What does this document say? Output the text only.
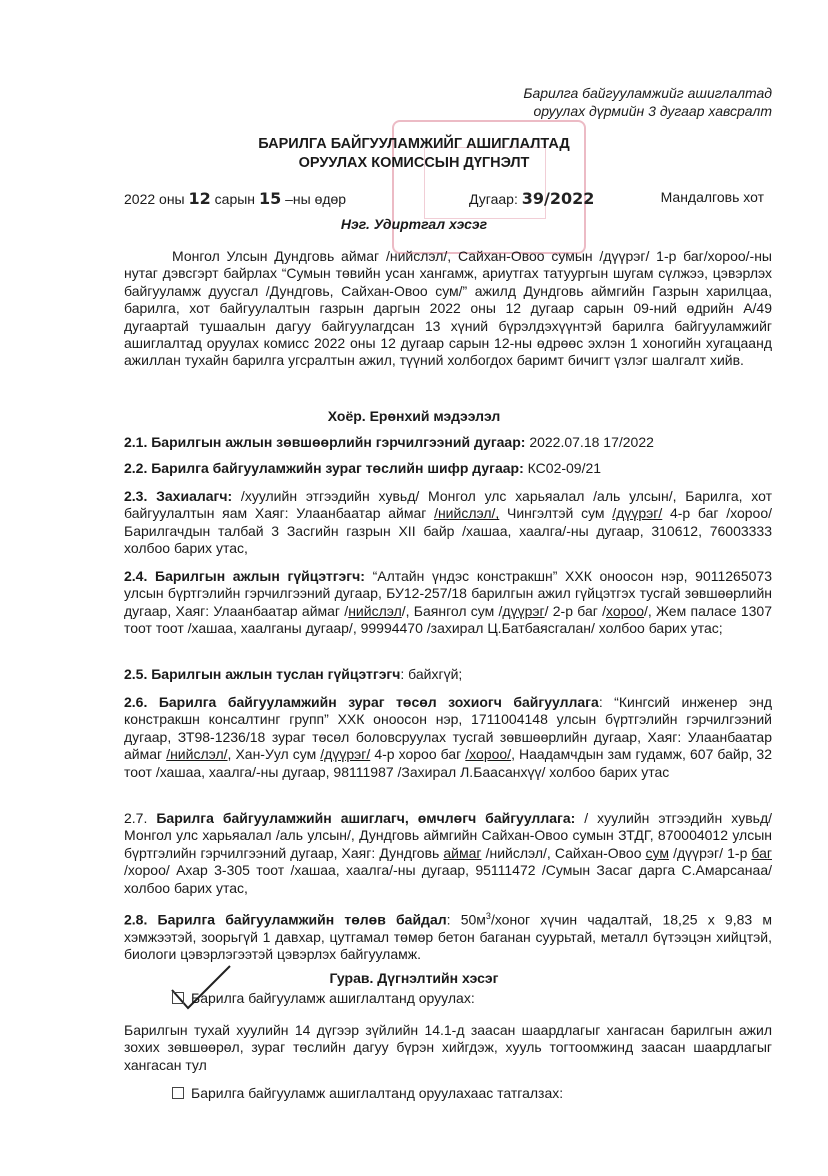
Барилга байгууламжийг ашиглалтад
оруулах дүрмийн 3 дугаар хавсралт
БАРИЛГА БАЙГУУЛАМЖИЙГ АШИГЛАЛТАД
ОРУУЛАХ КОМИССЫН ДҮГНЭЛТ
2022 оны 12 сарын 15 –ны өдөр	Дугаар: 39/2022	Мандалговь хот
Нэг. Удиртгал хэсэг
Монгол Улсын Дундговь аймаг /нийслэл/, Сайхан-Овоо сумын /дүүрэг/ 1-р баг/хороо/-ны нутаг дэвсгэрт байрлах “Сумын төвийн усан хангамж, ариутгах татуургын шугам сүлжээ, цэвэрлэх байгууламж дуусгал /Дундговь, Сайхан-Овоо сум/” ажилд Дундговь аймгийн Газрын харилцаа, барилга, хот байгуулалтын газрын даргын 2022 оны 12 дугаар сарын 09-ний өдрийн А/49 дугаартай тушаалын дагуу байгуулагдсан 13 хүний бүрэлдэхүүнтэй барилга байгууламжийг ашиглалтад оруулах комисс 2022 оны 12 дугаар сарын 12-ны өдрөөс эхлэн 1 хоногийн хугацаанд ажиллан тухайн барилга угсралтын ажил, түүний холбогдох баримт бичигт үзлэг шалгалт хийв.
Хоёр. Ерөнхий мэдээлэл
2.1. Барилгын ажлын зөвшөөрлийн гэрчилгээний дугаар: 2022.07.18 17/2022
2.2. Барилга байгууламжийн зураг төслийн шифр дугаар: КС02-09/21
2.3. Захиалагч: /хуулийн этгээдийн хувьд/ Монгол улс харьяалал /аль улсын/, Барилга, хот байгуулалтын яам Хаяг: Улаанбаатар аймаг /нийслэл/, Чингэлтэй сум /дүүрэг/ 4-р баг /хороо/ Барилгачдын талбай 3 Засгийн газрын XII байр /хашаа, хаалга/-ны дугаар, 310612, 76003333 холбоо барих утас,
2.4. Барилгын ажлын гүйцэтгэгч: “Алтайн үндэс констракшн” ХХК оноосон нэр, 9011265073 улсын бүртгэлийн гэрчилгээний дугаар, БУ12-257/18 барилгын ажил гүйцэтгэх тусгай зөвшөөрлийн дугаар, Хаяг: Улаанбаатар аймаг /нийслэл/, Баянгол сум /дүүрэг/ 2-р баг /хороо/, Жем паласе 1307 тоот тоот /хашаа, хаалганы дугаар/, 99994470 /захирал Ц.Батбаясгалан/ холбоо барих утас;
2.5. Барилгын ажлын туслан гүйцэтгэгч: байхгүй;
2.6. Барилга байгууламжийн зураг төсөл зохиогч байгууллага: “Кингсий инженер энд констракшн консалтинг групп” ХХК оноосон нэр, 1711004148 улсын бүртгэлийн гэрчилгээний дугаар, ЗТ98-1236/18 зураг төсөл боловсруулах тусгай зөвшөөрлийн дугаар, Хаяг: Улаанбаатар аймаг /нийслэл/, Хан-Уул сум /дүүрэг/ 4-р хороо баг /хороо/, Наадамчдын зам гудамж, 607 байр, 32 тоот /хашаа, хаалга/-ны дугаар, 98111987 /Захирал Л.Баасанхүү/ холбоо барих утас
2.7. Барилга байгууламжийн ашиглагч, өмчлөгч байгууллага: / хуулийн этгээдийн хувьд/ Монгол улс харьяалал /аль улсын/, Дундговь аймгийн Сайхан-Овоо сумын ЗТДГ, 870004012 улсын бүртгэлийн гэрчилгээний дугаар, Хаяг: Дундговь аймаг /нийслэл/, Сайхан-Овоо сум /дүүрэг/ 1-р баг /хороо/ Ахар 3-305 тоот /хашаа, хаалга/-ны дугаар, 95111472 /Сумын Засаг дарга С.Амарсанаа/ холбоо барих утас,
2.8. Барилга байгууламжийн төлөв байдал: $50м^3$/хоног хүчин чадалтай, 18,25 х 9,83 м хэмжээтэй, зоорьгүй 1 давхар, цутгамал төмөр бетон баганан суурьтай, металл бүтээцэн хийцтэй, биологи цэвэрлэгээтэй цэвэрлэх байгууламж.
Гурав. Дүгнэлтийн хэсэг
Барилга байгууламж ашиглалтанд оруулах:
Барилгын тухай хуулийн 14 дүгээр зүйлийн 14.1-д заасан шаардлагыг хангасан барилгын ажил зохих зөвшөөрөл, зураг төслийн дагуу бүрэн хийгдэж, хууль тогтоомжинд заасан шаардлагыг хангасан тул
Барилга байгууламж ашиглалтанд оруулахаас татгалзах:
